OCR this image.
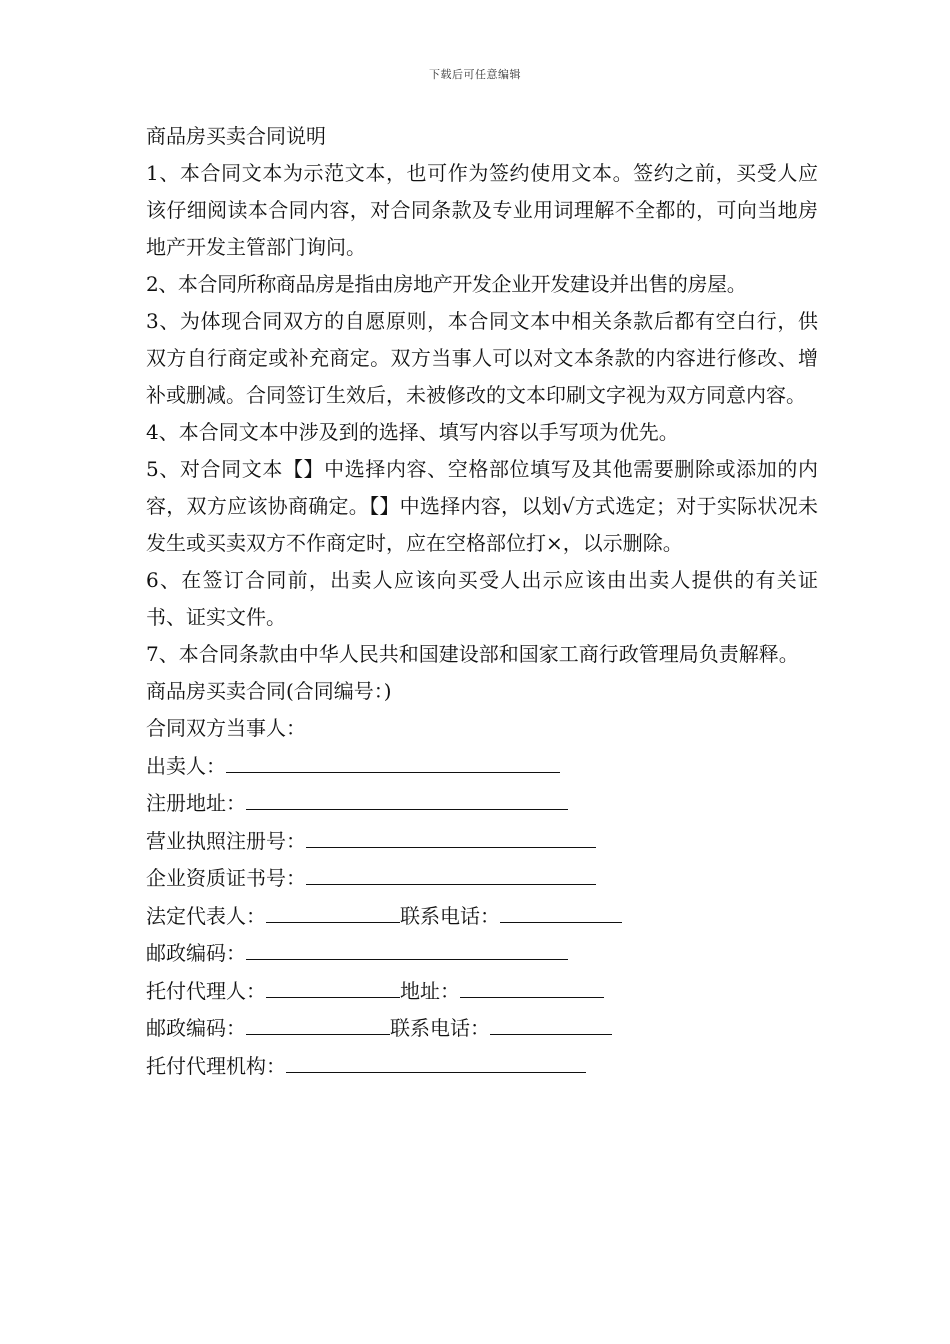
下载后可任意编辑
商品房买卖合同说明

1、本合同文本为示范文本，也可作为签约使用文本。签约之前，买受人应该仔细阅读本合同内容，对合同条款及专业用词理解不全都的，可向当地房地产开发主管部门询问。

2、本合同所称商品房是指由房地产开发企业开发建设并出售的房屋。

3、为体现合同双方的自愿原则，本合同文本中相关条款后都有空白行，供双方自行商定或补充商定。双方当事人可以对文本条款的内容进行修改、增补或删减。合同签订生效后，未被修改的文本印刷文字视为双方同意内容。

4、本合同文本中涉及到的选择、填写内容以手写项为优先。

5、对合同文本【】中选择内容、空格部位填写及其他需要删除或添加的内容，双方应该协商确定。【】中选择内容，以划√方式选定；对于实际状况未发生或买卖双方不作商定时，应在空格部位打×，以示删除。

6、在签订合同前，出卖人应该向买受人出示应该由出卖人提供的有关证书、证实文件。

7、本合同条款由中华人民共和国建设部和国家工商行政管理局负责解释。

商品房买卖合同(合同编号：)
合同双方当事人：
出卖人：
注册地址：
营业执照注册号：
企业资质证书号：
法定代表人：	联系电话：
邮政编码：
托付代理人：	地址：
邮政编码：	联系电话：
托付代理机构：
